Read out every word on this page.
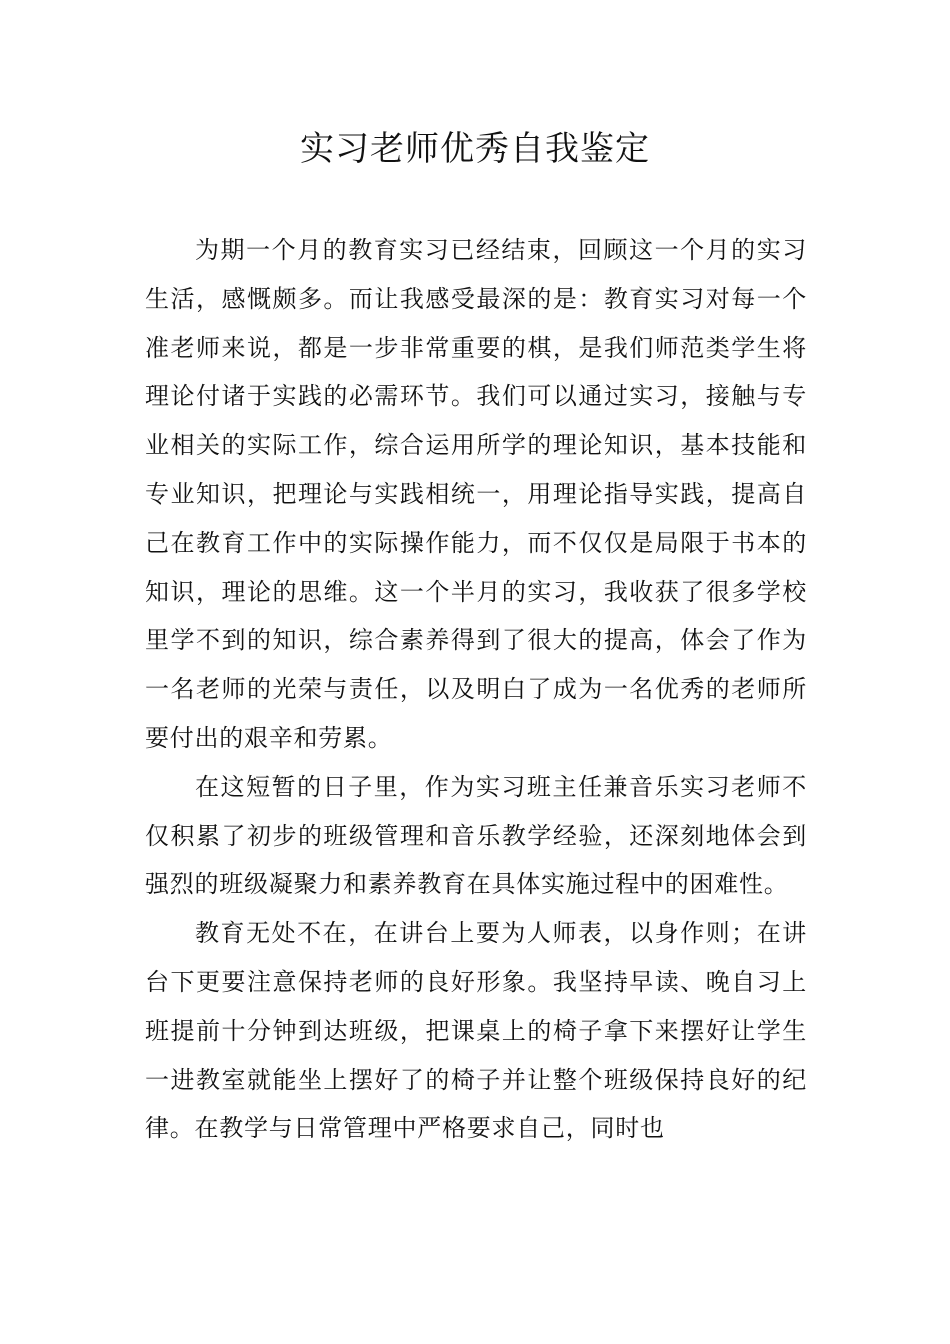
实习老师优秀自我鉴定

为期一个月的教育实习已经结束，回顾这一个月的实习生活，感慨颇多。而让我感受最深的是：教育实习对每一个准老师来说，都是一步非常重要的棋，是我们师范类学生将理论付诸于实践的必需环节。我们可以通过实习，接触与专业相关的实际工作，综合运用所学的理论知识，基本技能和专业知识，把理论与实践相统一，用理论指导实践，提高自己在教育工作中的实际操作能力，而不仅仅是局限于书本的知识，理论的思维。这一个半月的实习，我收获了很多学校里学不到的知识，综合素养得到了很大的提高，体会了作为一名老师的光荣与责任，以及明白了成为一名优秀的老师所要付出的艰辛和劳累。

在这短暂的日子里，作为实习班主任兼音乐实习老师不仅积累了初步的班级管理和音乐教学经验，还深刻地体会到强烈的班级凝聚力和素养教育在具体实施过程中的困难性。

教育无处不在，在讲台上要为人师表，以身作则；在讲台下更要注意保持老师的良好形象。我坚持早读、晚自习上班提前十分钟到达班级，把课桌上的椅子拿下来摆好让学生一进教室就能坐上摆好了的椅子并让整个班级保持良好的纪律。在教学与日常管理中严格要求自己，同时也
